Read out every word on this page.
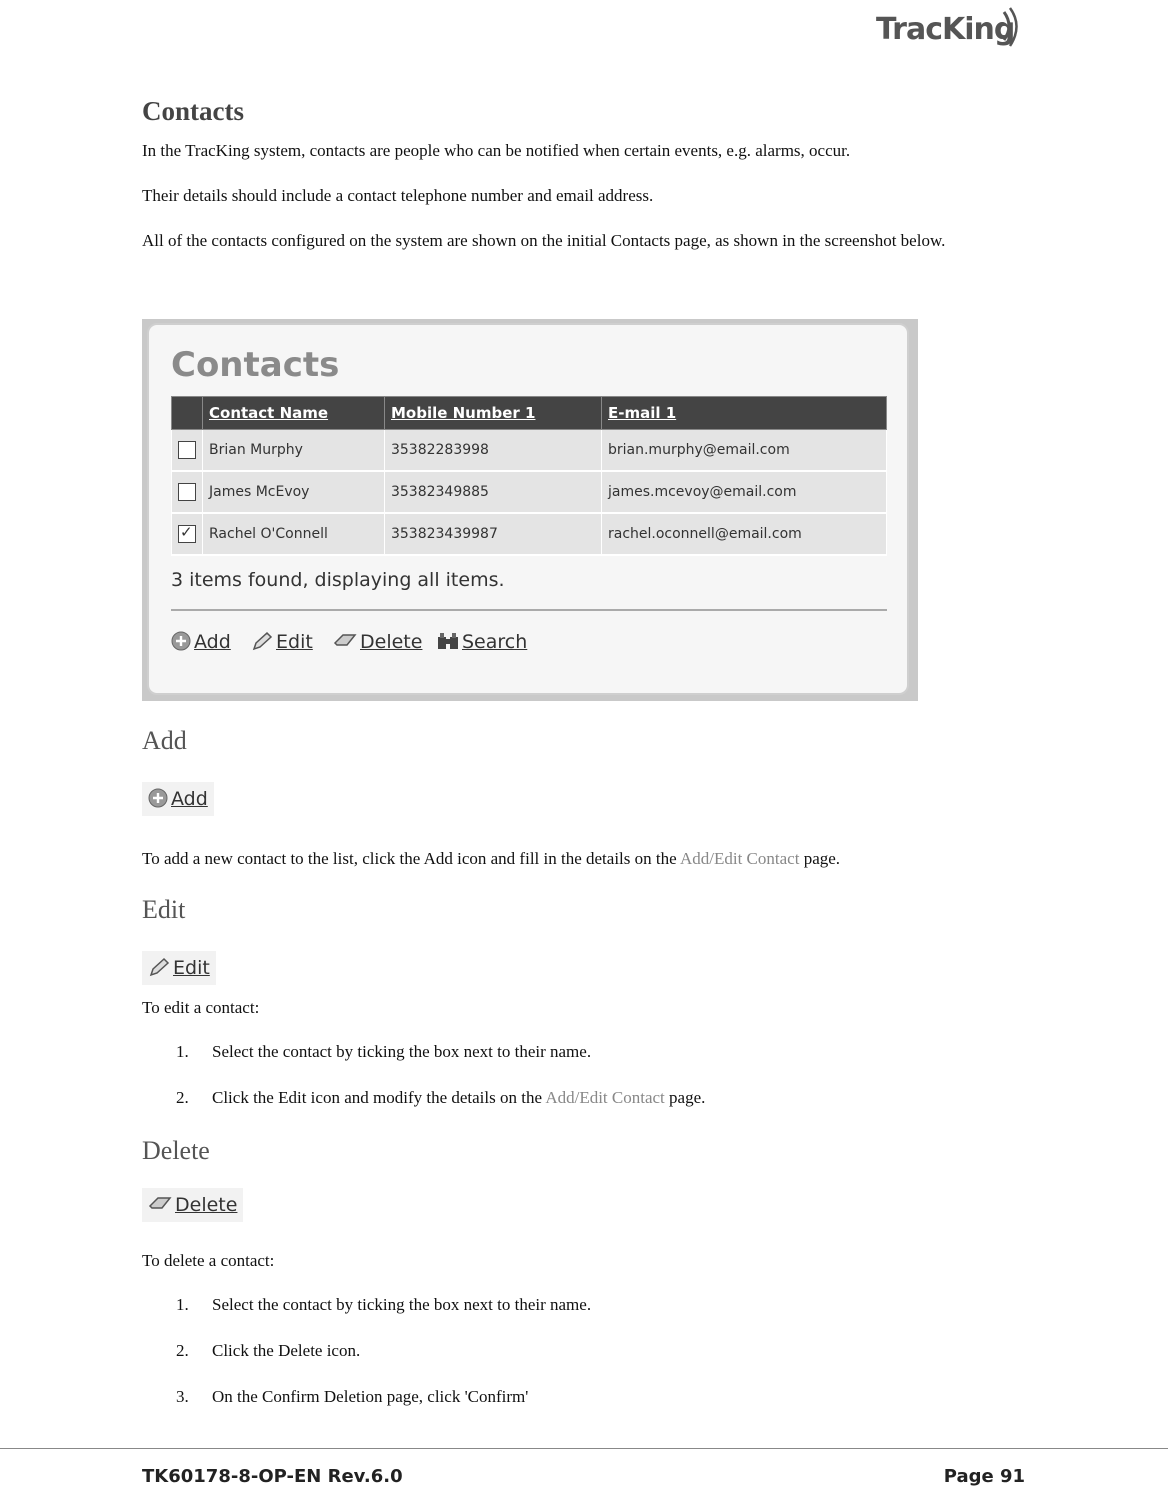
TracKing
Contacts

In the TracKing system, contacts are people who can be notified when certain events, e.g. alarms, occur.

Their details should include a contact telephone number and email address.

All of the contacts configured on the system are shown on the initial Contacts page, as shown in the screenshot below.

Contacts
	Contact Name	Mobile Number 1	E-mail 1
	Brian Murphy	35382283998	brian.murphy@email.com
	James McEvoy	35382349885	james.mcevoy@email.com
✓	Rachel O'Connell	353823439987	rachel.oconnell@email.com

3 items found, displaying all items.

Add	Edit	Delete	Search
Add
Add

To add a new contact to the list, click the Add icon and fill in the details on the Add/Edit Contact page.

Edit
Edit

To edit a contact:

1. Select the contact by ticking the box next to their name.

2. Click the Edit icon and modify the details on the Add/Edit Contact page.

Delete
Delete

To delete a contact:

1. Select the contact by ticking the box next to their name.

2. Click the Delete icon.

3. On the Confirm Deletion page, click 'Confirm'

TK60178-8-OP-EN Rev.6.0	Page 91
